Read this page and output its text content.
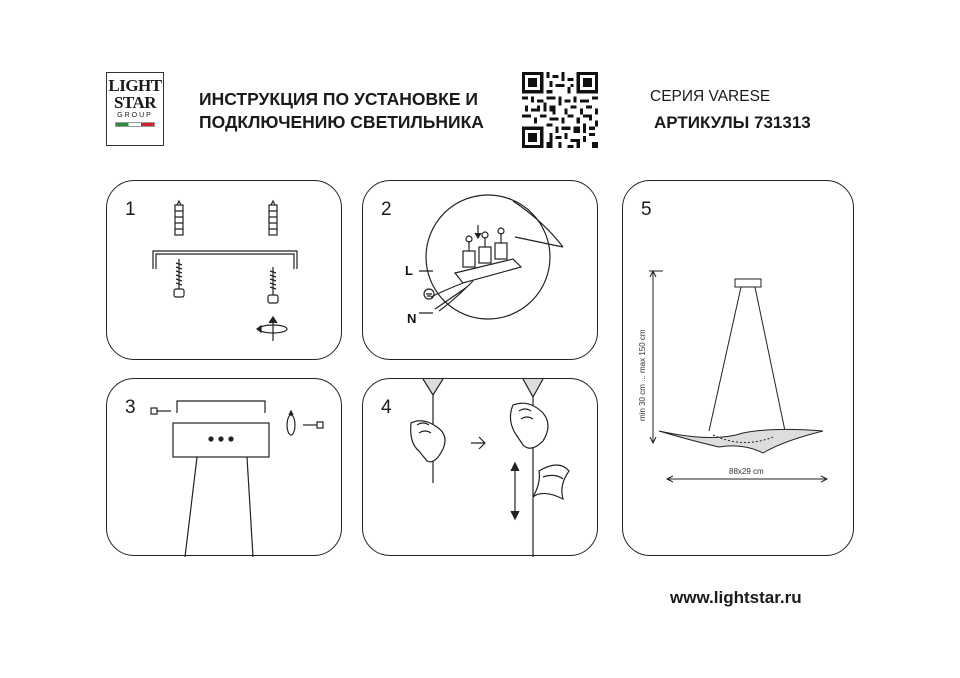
LIGHT
STAR
GROUP
ИНСТРУКЦИЯ ПО УСТАНОВКЕ И
ПОДКЛЮЧЕНИЮ СВЕТИЛЬНИКА
СЕРИЯ VARESE
АРТИКУЛЫ 731313
1	2
L
N
5
min 30 cm ... max 150 cm
88x29 cm
3	4
www.lightstar.ru
